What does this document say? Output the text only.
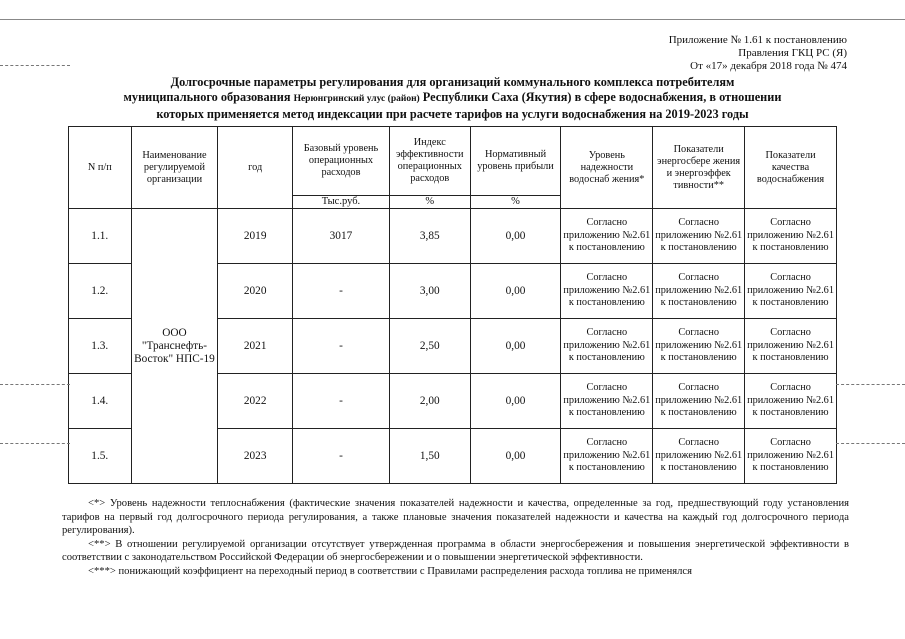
Приложение № 1.61 к постановлению
Правления ГКЦ РС (Я)
От «17» декабря 2018 года № 474
Долгосрочные параметры регулирования для организаций коммунального комплекса потребителям
муниципального образования Нерюнгринский улус (район) Республики Саха (Якутия) в сфере водоснабжения, в отношении
которых применяется метод индексации при расчете тарифов на услуги водоснабжения на 2019-2023 годы
N п/п	Наименование регулируемой организации	год	Базовый уровень операционных расходов	Индекс эффективности операционных расходов	Нормативный уровень прибыли	Уровень надежности водоснаб жения*	Показатели энергосбере жения и энергоэффек тивности**	Показатели качества водоснабжения
			Тыс.руб.	%	%			
1.1.	ООО "Транснефть-Восток" НПС-19	2019	3017	3,85	0,00	Согласно приложению №2.61 к постановлению	Согласно приложению №2.61 к постановлению	Согласно приложению №2.61 к постановлению
1.2.		2020	-	3,00	0,00	Согласно приложению №2.61 к постановлению	Согласно приложению №2.61 к постановлению	Согласно приложению №2.61 к постановлению
1.3.		2021	-	2,50	0,00	Согласно приложению №2.61 к постановлению	Согласно приложению №2.61 к постановлению	Согласно приложению №2.61 к постановлению
1.4.		2022	-	2,00	0,00	Согласно приложению №2.61 к постановлению	Согласно приложению №2.61 к постановлению	Согласно приложению №2.61 к постановлению
1.5.		2023	-	1,50	0,00	Согласно приложению №2.61 к постановлению	Согласно приложению №2.61 к постановлению	Согласно приложению №2.61 к постановлению

<*> Уровень надежности теплоснабжения (фактические значения показателей надежности и качества, определенные за год, предшествующий году установления тарифов на первый год долгосрочного периода регулирования, а также плановые значения показателей надежности и качества на каждый год долгосрочного периода регулирования).

<**> В отношении регулируемой организации отсутствует утвержденная программа в области энергосбережения и повышения энергетической эффективности в соответствии с законодательством Российской Федерации об энергосбережении и о повышении энергетической эффективности.

<***> понижающий коэффициент на переходный период в соответствии с Правилами распределения расхода топлива не применялся
